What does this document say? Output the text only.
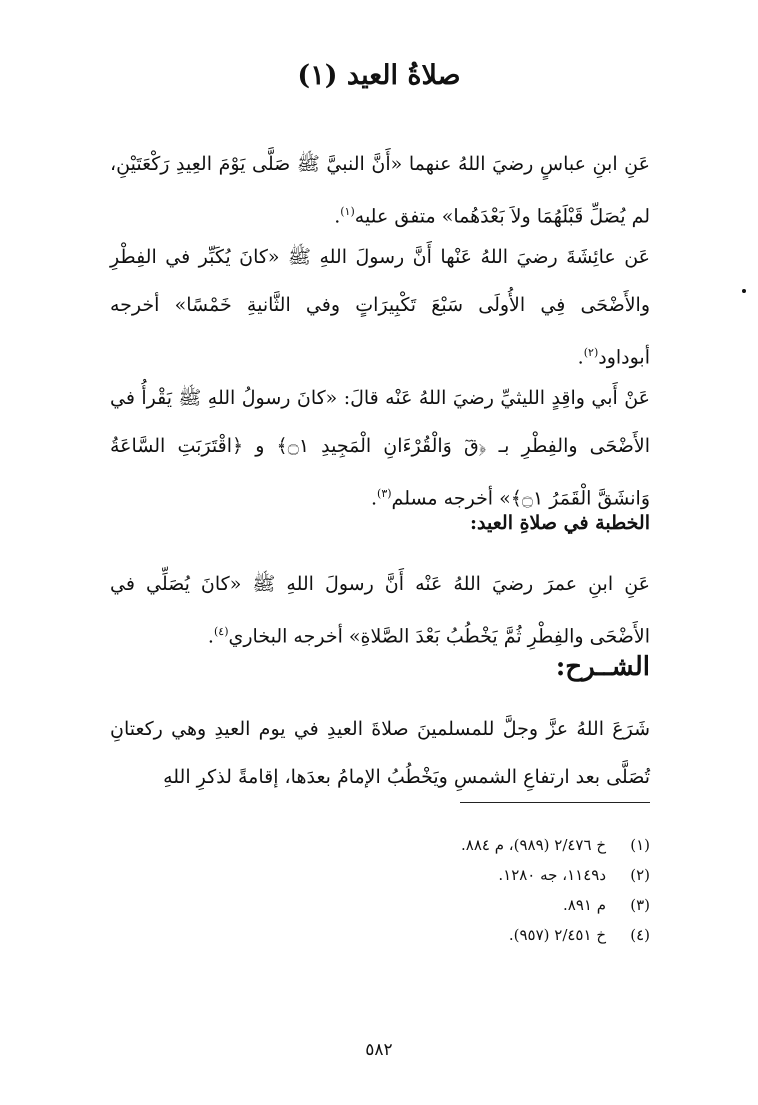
صلاةُ العيد (١)
عَنِ ابنِ عباسٍ رضيَ اللهُ عنهما «أَنَّ النبيَّ ﷺ صَلَّى يَوْمَ العِيدِ رَكْعَتَيْنِ، لم يُصَلِّ قَبْلَهُمَا ولاَ بَعْدَهُما» متفق عليه$^{(١)}$.
عَن عائِشَةَ رضيَ اللهُ عَنْها أَنَّ رسولَ اللهِ ﷺ «كانَ يُكَبِّر في الفِطْرِ والأَضْحَى فِي الأُولَى سَبْعَ تَكْبِيرَاتٍ وفي الثَّانيةِ خَمْسًا» أخرجه أبوداود$^{(٢)}$.
عَنْ أَبي واقِدٍ الليثيِّ رضيَ اللهُ عَنْه قالَ: «كانَ رسولُ اللهِ ﷺ يَقْرأُ في الأَضْحَى والفِطْرِ بـ ﴿قٓ وَالْقُرْءَانِ الْمَجِيدِ ۝١﴾ و ﴿اقْتَرَبَتِ السَّاعَةُ وَانشَقَّ الْقَمَرُ ۝١﴾» أخرجه مسلم$^{(٣)}$.
الخطبة في صلاةِ العيد:
عَنِ ابنِ عمرَ رضيَ اللهُ عَنْه أَنَّ رسولَ اللهِ ﷺ «كانَ يُصَلِّي في الأَضْحَى والفِطْرِ ثُمَّ يَخْطُبُ بَعْدَ الصَّلاةِ» أخرجه البخاري$^{(٤)}$.
الشــرح:
شَرَعَ اللهُ عزَّ وجلَّ للمسلمينَ صلاةَ العيدِ في يوم العيدِ وهي ركعتانِ تُصَلَّى بعد ارتفاعِ الشمسِ ويَخْطُبُ الإمامُ بعدَها، إقامةً لذكرِ اللهِ
(١)
خ ٢/٤٧٦ (٩٨٩)، م ٨٨٤.
(٢)
د١١٤٩، جه ١٢٨٠.
(٣)
م ٨٩١.
(٤)
خ ٢/٤٥١ (٩٥٧).
٥٨٢
